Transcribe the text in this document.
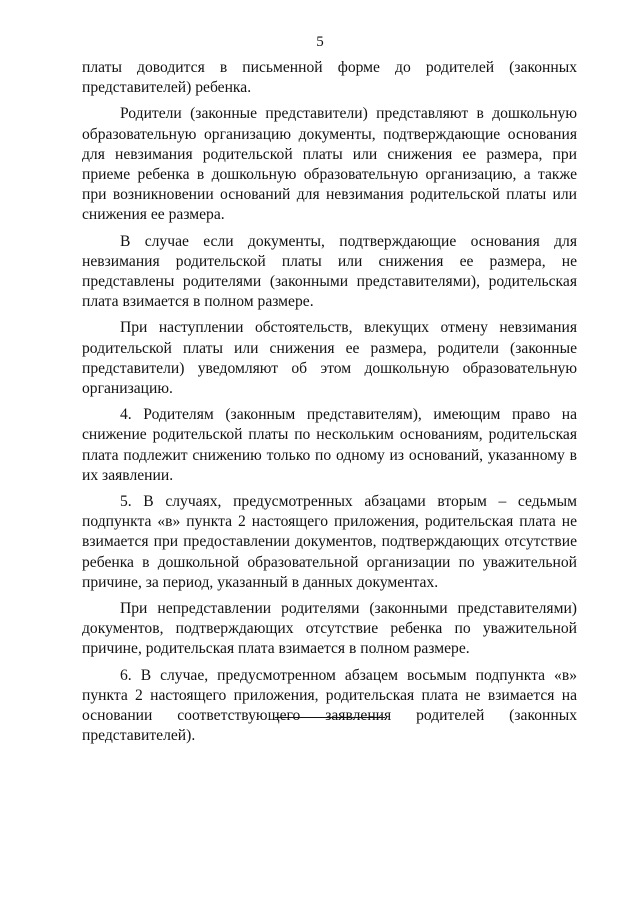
5

платы доводится в письменной форме до родителей (законных представителей) ребенка.

Родители (законные представители) представляют в дошкольную образовательную организацию документы, подтверждающие основания для невзимания родительской платы или снижения ее размера, при приеме ребенка в дошкольную образовательную организацию, а также при возникновении оснований для невзимания родительской платы или снижения ее размера.

В случае если документы, подтверждающие основания для невзимания родительской платы или снижения ее размера, не представлены родителями (законными представителями), родительская плата взимается в полном размере.

При наступлении обстоятельств, влекущих отмену невзимания родительской платы или снижения ее размера, родители (законные представители) уведомляют об этом дошкольную образовательную организацию.

4. Родителям (законным представителям), имеющим право на снижение родительской платы по нескольким основаниям, родительская плата подлежит снижению только по одному из оснований, указанному в их заявлении.

5. В случаях, предусмотренных абзацами вторым – седьмым подпункта «в» пункта 2 настоящего приложения, родительская плата не взимается при предоставлении документов, подтверждающих отсутствие ребенка в дошкольной образовательной организации по уважительной причине, за период, указанный в данных документах.

При непредставлении родителями (законными представителями) документов, подтверждающих отсутствие ребенка по уважительной причине, родительская плата взимается в полном размере.

6. В случае, предусмотренном абзацем восьмым подпункта «в» пункта 2 настоящего приложения, родительская плата не взимается на основании соответствующего заявления родителей (законных представителей).
